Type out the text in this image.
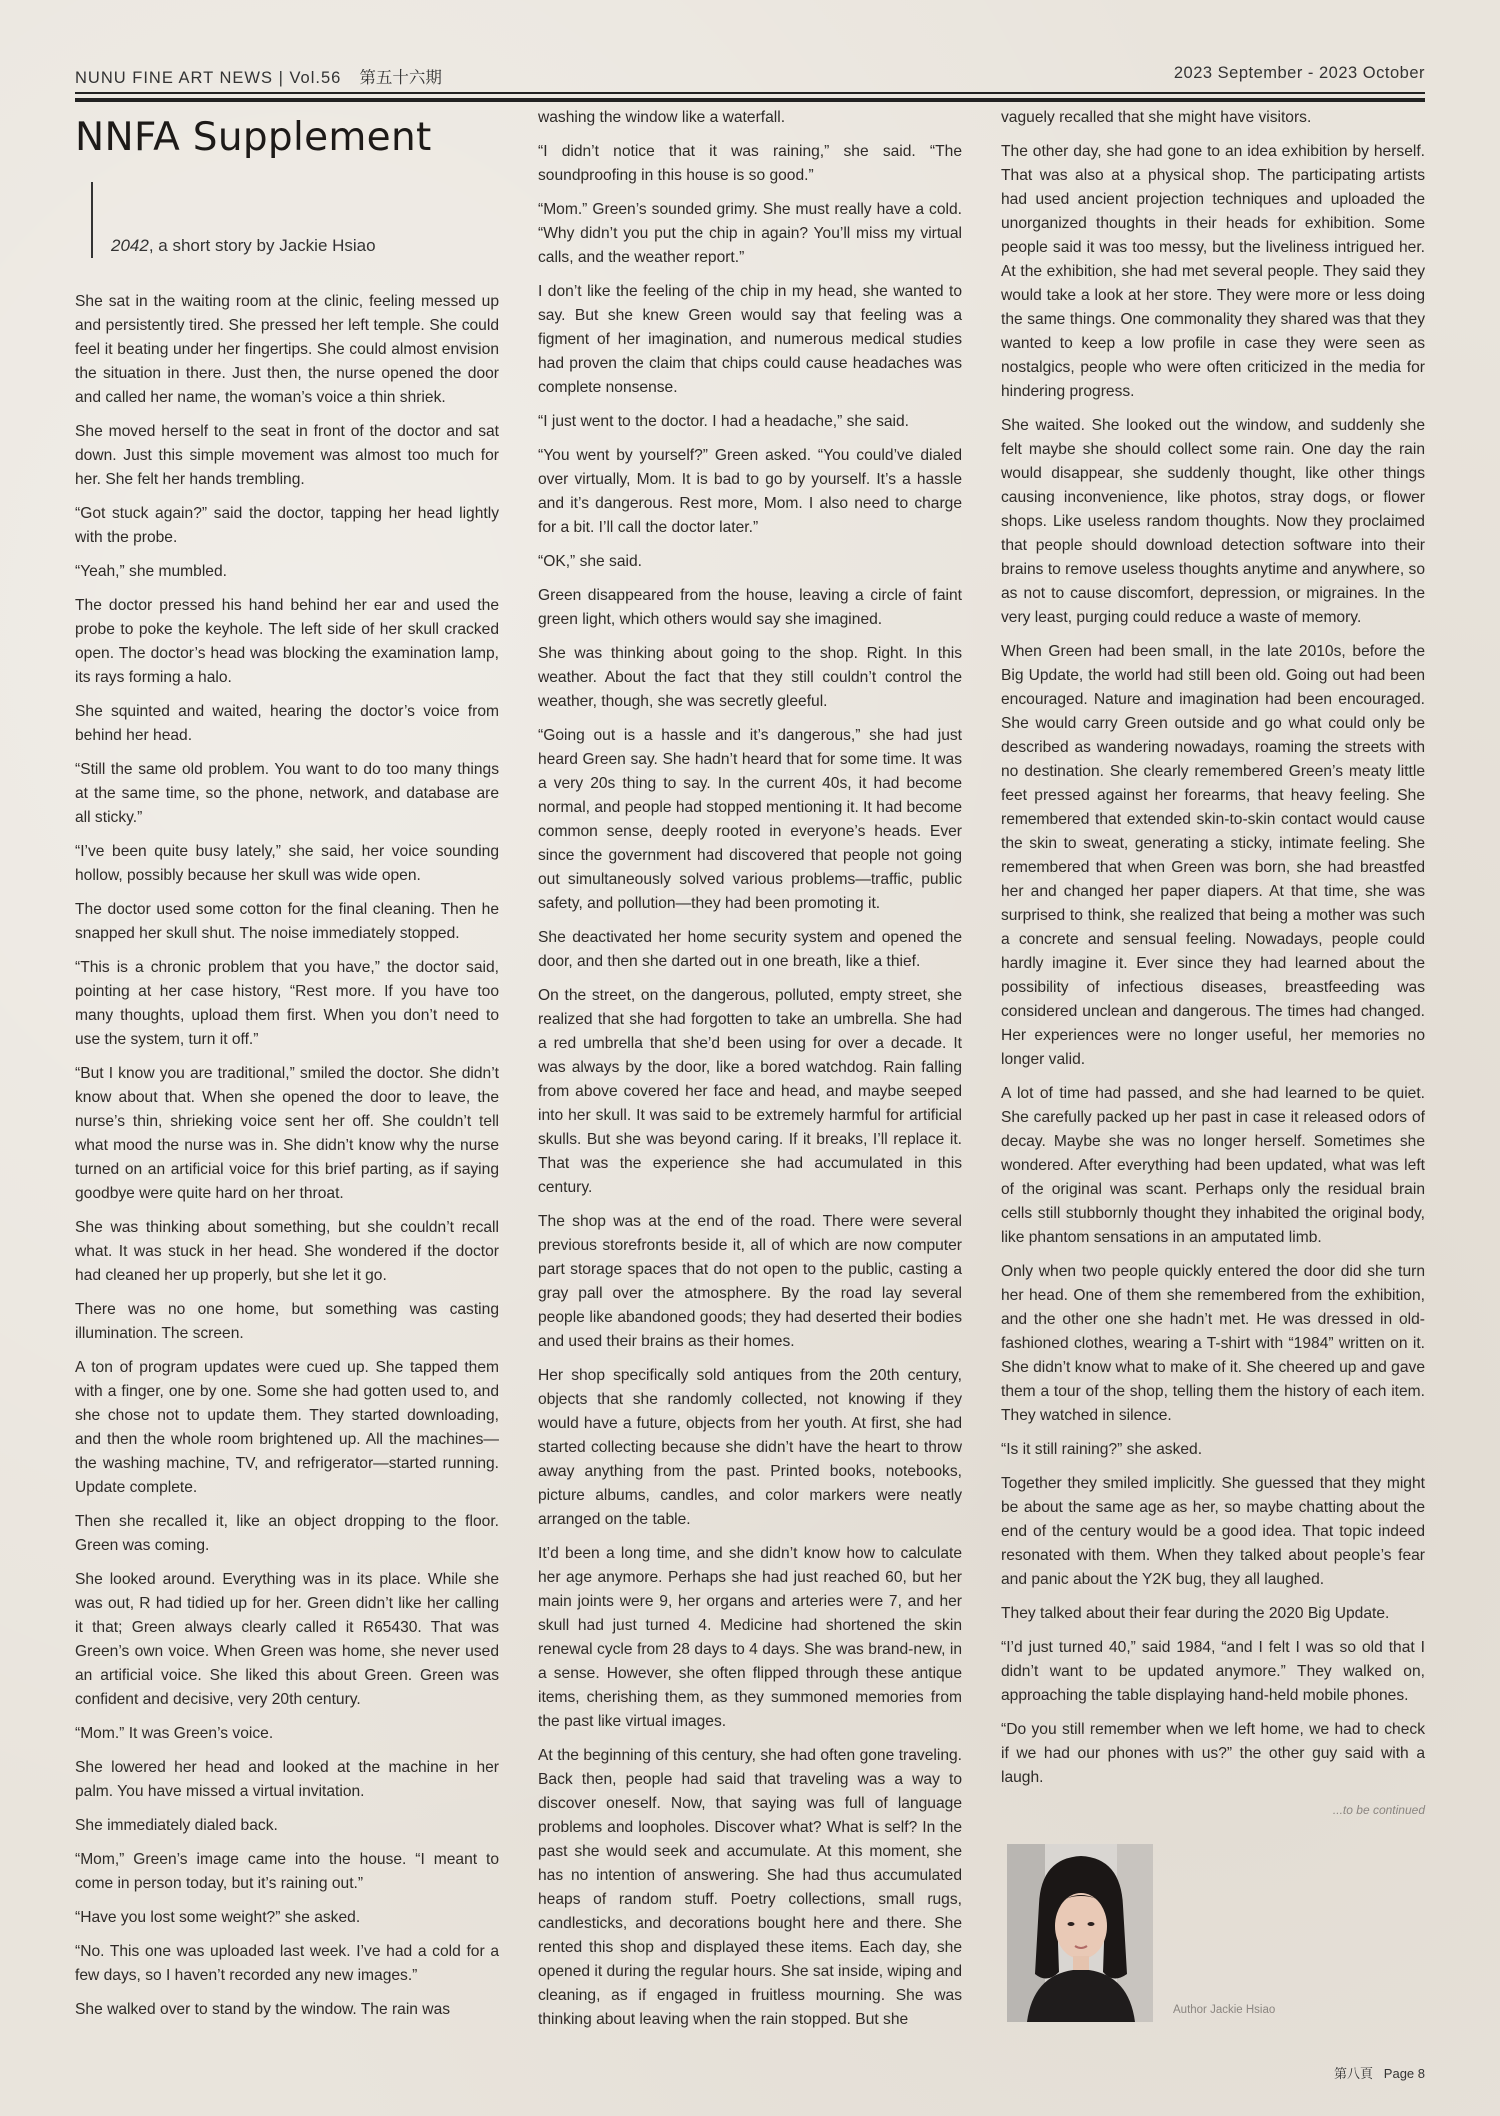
NUNU FINE ART NEWS | Vol.56 第五十六期	2023 September - 2023 October
NNFA Supplement
2042, a short story by Jackie Hsiao

She sat in the waiting room at the clinic, feeling messed up and persistently tired. She pressed her left temple. She could feel it beating under her fingertips. She could almost envision the situation in there. Just then, the nurse opened the door and called her name, the woman’s voice a thin shriek.

She moved herself to the seat in front of the doctor and sat down. Just this simple movement was almost too much for her. She felt her hands trembling.

“Got stuck again?” said the doctor, tapping her head lightly with the probe.

“Yeah,” she mumbled.

The doctor pressed his hand behind her ear and used the probe to poke the keyhole. The left side of her skull cracked open. The doctor’s head was blocking the examination lamp, its rays forming a halo.

She squinted and waited, hearing the doctor’s voice from behind her head.

“Still the same old problem. You want to do too many things at the same time, so the phone, network, and database are all sticky.”

“I’ve been quite busy lately,” she said, her voice sounding hollow, possibly because her skull was wide open.

The doctor used some cotton for the final cleaning. Then he snapped her skull shut. The noise immediately stopped.

“This is a chronic problem that you have,” the doctor said, pointing at her case history, “Rest more. If you have too many thoughts, upload them first. When you don’t need to use the system, turn it off.”

“But I know you are traditional,” smiled the doctor. She didn’t know about that. When she opened the door to leave, the nurse’s thin, shrieking voice sent her off. She couldn’t tell what mood the nurse was in. She didn’t know why the nurse turned on an artificial voice for this brief parting, as if saying goodbye were quite hard on her throat.

She was thinking about something, but she couldn’t recall what. It was stuck in her head. She wondered if the doctor had cleaned her up properly, but she let it go.

There was no one home, but something was casting illumination. The screen.

A ton of program updates were cued up. She tapped them with a finger, one by one. Some she had gotten used to, and she chose not to update them. They started downloading, and then the whole room brightened up. All the machines—the washing machine, TV, and refrigerator—started running. Update complete.

Then she recalled it, like an object dropping to the floor. Green was coming.

She looked around. Everything was in its place. While she was out, R had tidied up for her. Green didn’t like her calling it that; Green always clearly called it R65430. That was Green’s own voice. When Green was home, she never used an artificial voice. She liked this about Green. Green was confident and decisive, very 20th century.

“Mom.” It was Green’s voice.

She lowered her head and looked at the machine in her palm. You have missed a virtual invitation.

She immediately dialed back.

“Mom,” Green’s image came into the house. “I meant to come in person today, but it’s raining out.”

“Have you lost some weight?” she asked.

“No. This one was uploaded last week. I’ve had a cold for a few days, so I haven’t recorded any new images.”

She walked over to stand by the window. The rain was

washing the window like a waterfall.

“I didn’t notice that it was raining,” she said. “The soundproofing in this house is so good.”

“Mom.” Green’s sounded grimy. She must really have a cold. “Why didn’t you put the chip in again? You’ll miss my virtual calls, and the weather report.”

I don’t like the feeling of the chip in my head, she wanted to say. But she knew Green would say that feeling was a figment of her imagination, and numerous medical studies had proven the claim that chips could cause headaches was complete nonsense.

“I just went to the doctor. I had a headache,” she said.

“You went by yourself?” Green asked. “You could’ve dialed over virtually, Mom. It is bad to go by yourself. It’s a hassle and it’s dangerous. Rest more, Mom. I also need to charge for a bit. I’ll call the doctor later.”

“OK,” she said.

Green disappeared from the house, leaving a circle of faint green light, which others would say she imagined.

She was thinking about going to the shop. Right. In this weather. About the fact that they still couldn’t control the weather, though, she was secretly gleeful.

“Going out is a hassle and it’s dangerous,” she had just heard Green say. She hadn’t heard that for some time. It was a very 20s thing to say. In the current 40s, it had become normal, and people had stopped mentioning it. It had become common sense, deeply rooted in everyone’s heads. Ever since the government had discovered that people not going out simultaneously solved various problems—traffic, public safety, and pollution—they had been promoting it.

She deactivated her home security system and opened the door, and then she darted out in one breath, like a thief.

On the street, on the dangerous, polluted, empty street, she realized that she had forgotten to take an umbrella. She had a red umbrella that she’d been using for over a decade. It was always by the door, like a bored watchdog. Rain falling from above covered her face and head, and maybe seeped into her skull. It was said to be extremely harmful for artificial skulls. But she was beyond caring. If it breaks, I’ll replace it. That was the experience she had accumulated in this century.

The shop was at the end of the road. There were several previous storefronts beside it, all of which are now computer part storage spaces that do not open to the public, casting a gray pall over the atmosphere. By the road lay several people like abandoned goods; they had deserted their bodies and used their brains as their homes.

Her shop specifically sold antiques from the 20th century, objects that she randomly collected, not knowing if they would have a future, objects from her youth. At first, she had started collecting because she didn’t have the heart to throw away anything from the past. Printed books, notebooks, picture albums, candles, and color markers were neatly arranged on the table.

It’d been a long time, and she didn’t know how to calculate her age anymore. Perhaps she had just reached 60, but her main joints were 9, her organs and arteries were 7, and her skull had just turned 4. Medicine had shortened the skin renewal cycle from 28 days to 4 days. She was brand-new, in a sense. However, she often flipped through these antique items, cherishing them, as they summoned memories from the past like virtual images.

At the beginning of this century, she had often gone traveling. Back then, people had said that traveling was a way to discover oneself. Now, that saying was full of language problems and loopholes. Discover what? What is self? In the past she would seek and accumulate. At this moment, she has no intention of answering. She had thus accumulated heaps of random stuff. Poetry collections, small rugs, candlesticks, and decorations bought here and there. She rented this shop and displayed these items. Each day, she opened it during the regular hours. She sat inside, wiping and cleaning, as if engaged in fruitless mourning. She was thinking about leaving when the rain stopped. But she

vaguely recalled that she might have visitors.

The other day, she had gone to an idea exhibition by herself. That was also at a physical shop. The participating artists had used ancient projection techniques and uploaded the unorganized thoughts in their heads for exhibition. Some people said it was too messy, but the liveliness intrigued her. At the exhibition, she had met several people. They said they would take a look at her store. They were more or less doing the same things. One commonality they shared was that they wanted to keep a low profile in case they were seen as nostalgics, people who were often criticized in the media for hindering progress.

She waited. She looked out the window, and suddenly she felt maybe she should collect some rain. One day the rain would disappear, she suddenly thought, like other things causing inconvenience, like photos, stray dogs, or flower shops. Like useless random thoughts. Now they proclaimed that people should download detection software into their brains to remove useless thoughts anytime and anywhere, so as not to cause discomfort, depression, or migraines. In the very least, purging could reduce a waste of memory.

When Green had been small, in the late 2010s, before the Big Update, the world had still been old. Going out had been encouraged. Nature and imagination had been encouraged. She would carry Green outside and go what could only be described as wandering nowadays, roaming the streets with no destination. She clearly remembered Green’s meaty little feet pressed against her forearms, that heavy feeling. She remembered that extended skin-to-skin contact would cause the skin to sweat, generating a sticky, intimate feeling. She remembered that when Green was born, she had breastfed her and changed her paper diapers. At that time, she was surprised to think, she realized that being a mother was such a concrete and sensual feeling. Nowadays, people could hardly imagine it. Ever since they had learned about the possibility of infectious diseases, breastfeeding was considered unclean and dangerous. The times had changed. Her experiences were no longer useful, her memories no longer valid.

A lot of time had passed, and she had learned to be quiet. She carefully packed up her past in case it released odors of decay. Maybe she was no longer herself. Sometimes she wondered. After everything had been updated, what was left of the original was scant. Perhaps only the residual brain cells still stubbornly thought they inhabited the original body, like phantom sensations in an amputated limb.

Only when two people quickly entered the door did she turn her head. One of them she remembered from the exhibition, and the other one she hadn’t met. He was dressed in old-fashioned clothes, wearing a T-shirt with “1984” written on it. She didn’t know what to make of it. She cheered up and gave them a tour of the shop, telling them the history of each item. They watched in silence.

“Is it still raining?” she asked.

Together they smiled implicitly. She guessed that they might be about the same age as her, so maybe chatting about the end of the century would be a good idea. That topic indeed resonated with them. When they talked about people’s fear and panic about the Y2K bug, they all laughed.

They talked about their fear during the 2020 Big Update.

“I’d just turned 40,” said 1984, “and I felt I was so old that I didn’t want to be updated anymore.” They walked on, approaching the table displaying hand-held mobile phones.

“Do you still remember when we left home, we had to check if we had our phones with us?” the other guy said with a laugh.

...to be continued
Author Jackie Hsiao
第八頁 Page 8
